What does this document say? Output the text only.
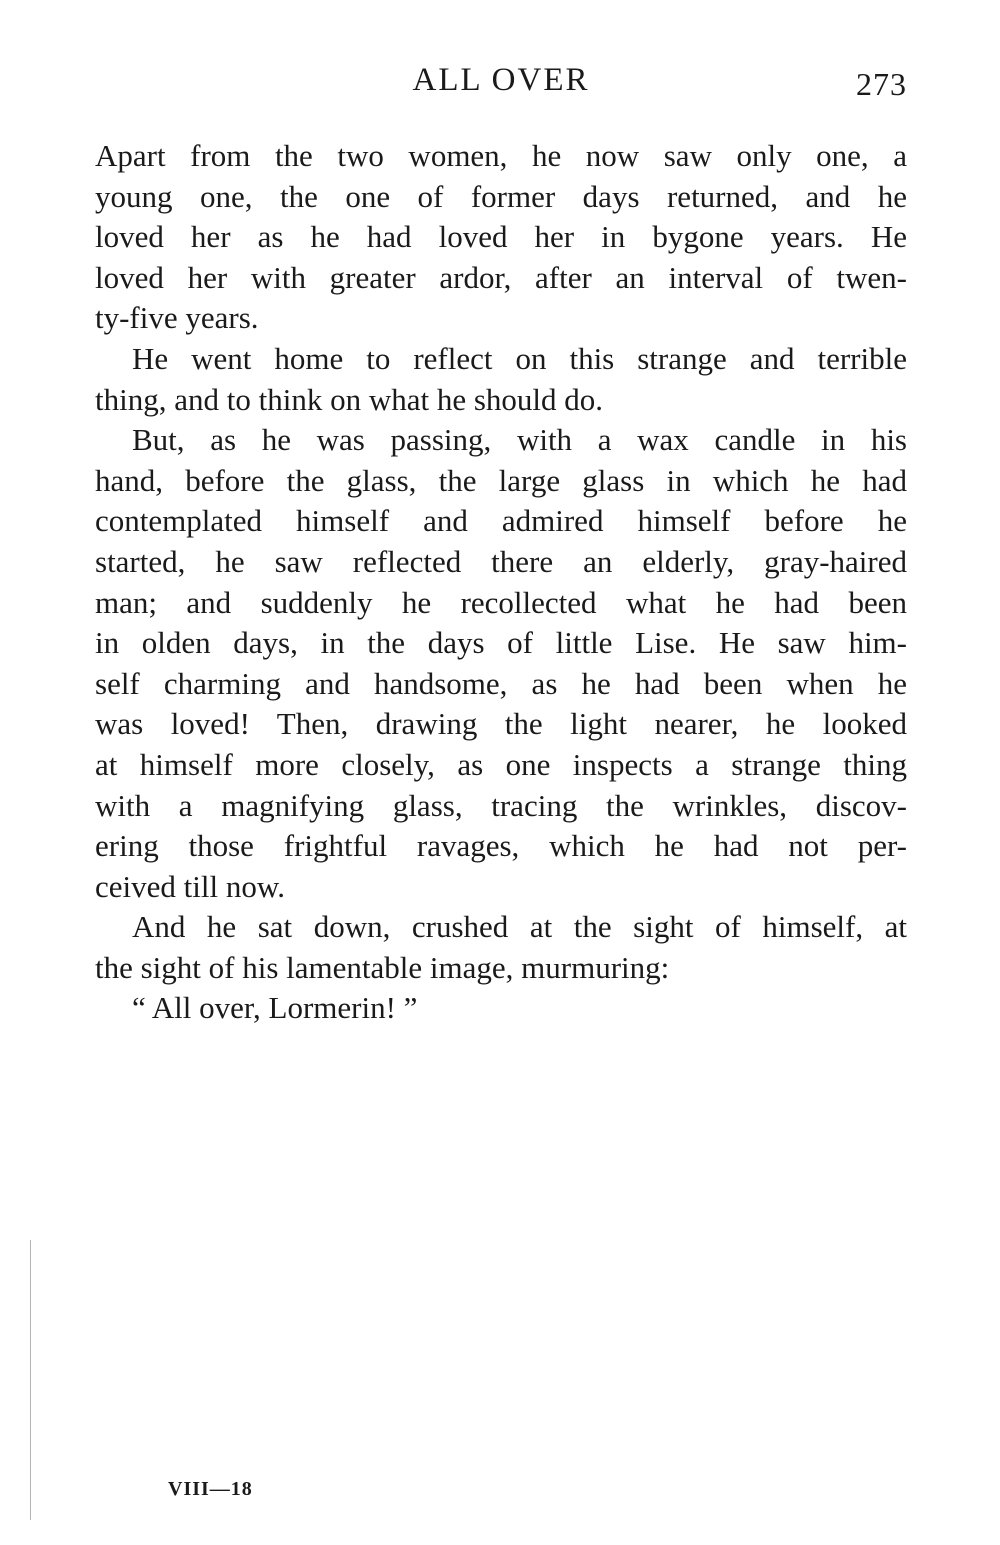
ALL OVER	273

Apart from the two women, he now saw only one, a
young one, the one of former days returned, and he
loved her as he had loved her in bygone years. He
loved her with greater ardor, after an interval of twen-
ty-five years.

He went home to reflect on this strange and terrible
thing, and to think on what he should do.

But, as he was passing, with a wax candle in his
hand, before the glass, the large glass in which he had
contemplated himself and admired himself before he
started, he saw reflected there an elderly, gray-haired
man; and suddenly he recollected what he had been
in olden days, in the days of little Lise. He saw him-
self charming and handsome, as he had been when he
was loved! Then, drawing the light nearer, he looked
at himself more closely, as one inspects a strange thing
with a magnifying glass, tracing the wrinkles, discov-
ering those frightful ravages, which he had not per-
ceived till now.

And he sat down, crushed at the sight of himself, at
the sight of his lamentable image, murmuring:

“ All over, Lormerin! ”

VIII—18
